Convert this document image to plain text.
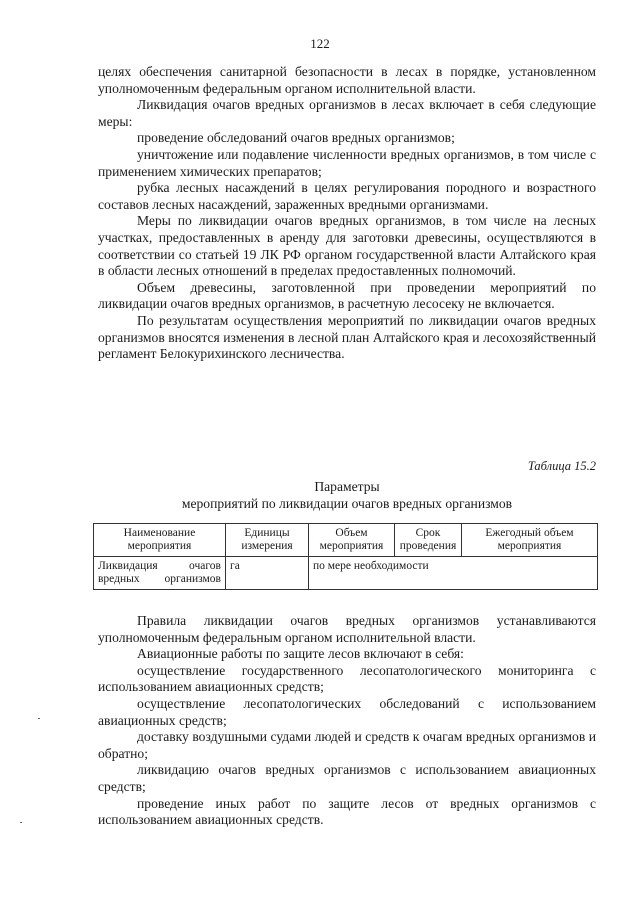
122

целях обеспечения санитарной безопасности в лесах в порядке, установленном уполномоченным федеральным органом исполнительной власти.

Ликвидация очагов вредных организмов в лесах включает в себя следующие меры:

проведение обследований очагов вредных организмов;

уничтожение или подавление численности вредных организмов, в том числе с применением химических препаратов;

рубка лесных насаждений в целях регулирования породного и возрастного составов лесных насаждений, зараженных вредными организмами.

Меры по ликвидации очагов вредных организмов, в том числе на лесных участках, предоставленных в аренду для заготовки древесины, осуществляются в соответствии со статьей 19 ЛК РФ органом государственной власти Алтайского края в области лесных отношений в пределах предоставленных полномочий.

Объем древесины, заготовленной при проведении мероприятий по ликвидации очагов вредных организмов, в расчетную лесосеку не включается.

По результатам осуществления мероприятий по ликвидации очагов вредных организмов вносятся изменения в лесной план Алтайского края и лесохозяйственный регламент Белокурихинского лесничества.

Таблица 15.2
Параметры
мероприятий по ликвидации очагов вредных организмов
Наименование мероприятия	Единицы измерения	Объем мероприятия	Срок проведения	Ежегодный объем мероприятия
Ликвидация очагов вредных организмов	га	по мере необходимости		

Правила ликвидации очагов вредных организмов устанавливаются уполномоченным федеральным органом исполнительной власти.

Авиационные работы по защите лесов включают в себя:

осуществление государственного лесопатологического мониторинга с использованием авиационных средств;

осуществление лесопатологических обследований с использованием авиационных средств;

доставку воздушными судами людей и средств к очагам вредных организмов и обратно;

ликвидацию очагов вредных организмов с использованием авиационных средств;

проведение иных работ по защите лесов от вредных организмов с использованием авиационных средств.
